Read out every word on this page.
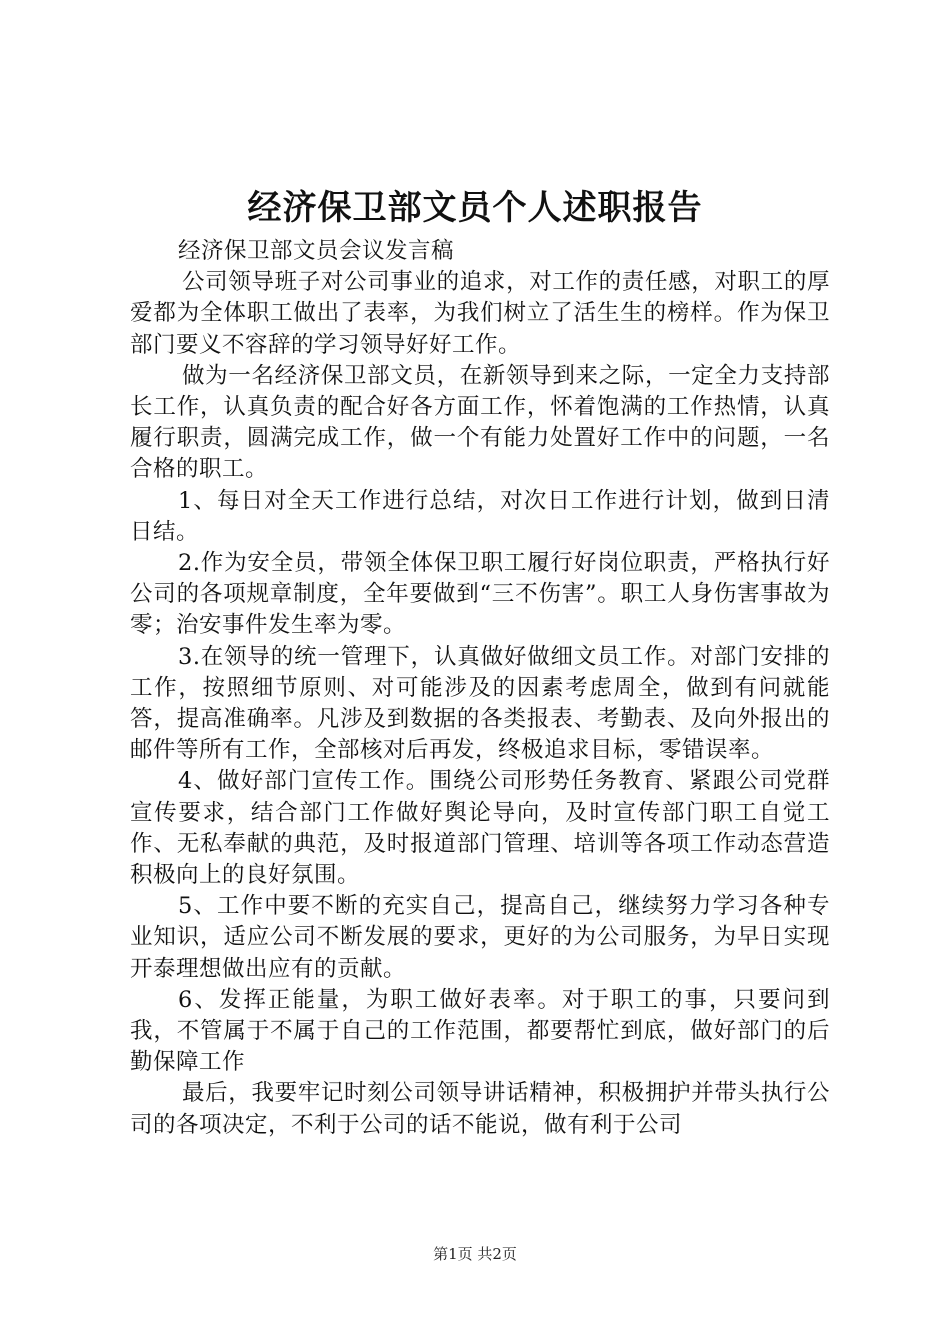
经济保卫部文员个人述职报告

经济保卫部文员会议发言稿

公司领导班子对公司事业的追求，对工作的责任感，对职工的厚爱都为全体职工做出了表率，为我们树立了活生生的榜样。作为保卫部门要义不容辞的学习领导好好工作。

做为一名经济保卫部文员，在新领导到来之际，一定全力支持部长工作，认真负责的配合好各方面工作，怀着饱满的工作热情，认真履行职责，圆满完成工作，做一个有能力处置好工作中的问题，一名合格的职工。

1、每日对全天工作进行总结，对次日工作进行计划，做到日清日结。

2.作为安全员，带领全体保卫职工履行好岗位职责，严格执行好公司的各项规章制度，全年要做到“三不伤害”。职工人身伤害事故为零；治安事件发生率为零。

3.在领导的统一管理下，认真做好做细文员工作。对部门安排的工作，按照细节原则、对可能涉及的因素考虑周全，做到有问就能答，提高准确率。凡涉及到数据的各类报表、考勤表、及向外报出的邮件等所有工作，全部核对后再发，终极追求目标，零错误率。

4、做好部门宣传工作。围绕公司形势任务教育、紧跟公司党群宣传要求，结合部门工作做好舆论导向，及时宣传部门职工自觉工作、无私奉献的典范，及时报道部门管理、培训等各项工作动态营造积极向上的良好氛围。

5、工作中要不断的充实自己，提高自己，继续努力学习各种专业知识，适应公司不断发展的要求，更好的为公司服务，为早日实现开泰理想做出应有的贡献。

6、发挥正能量，为职工做好表率。对于职工的事，只要问到我，不管属于不属于自己的工作范围，都要帮忙到底，做好部门的后勤保障工作

最后，我要牢记时刻公司领导讲话精神，积极拥护并带头执行公司的各项决定，不利于公司的话不能说，做有利于公司

第1页 共2页
